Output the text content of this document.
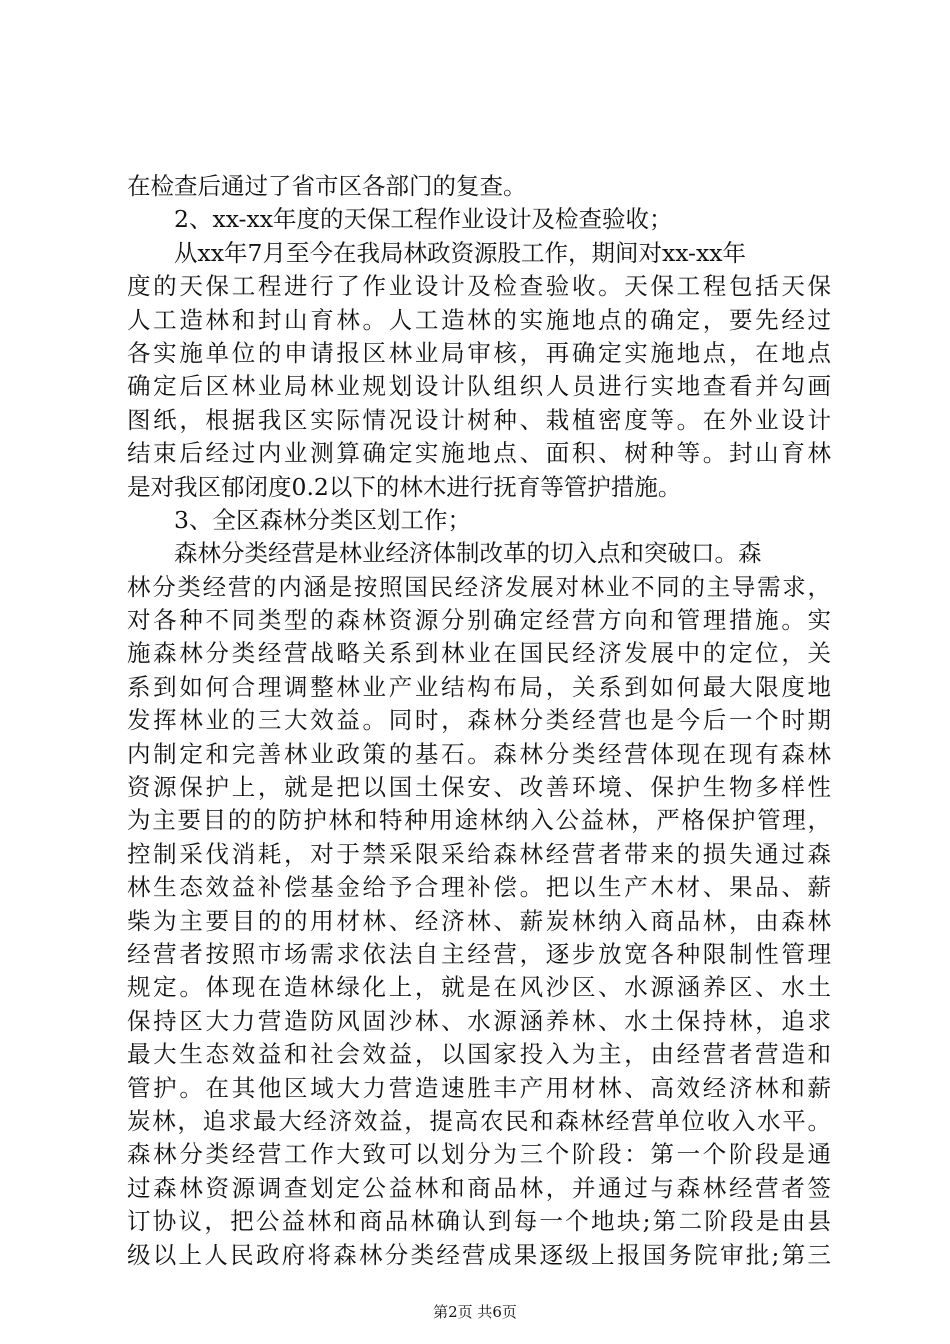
在检查后通过了省市区各部门的复查。
2、xx-xx年度的天保工程作业设计及检查验收；
从xx年7月至今在我局林政资源股工作，期间对xx-xx年
度的天保工程进行了作业设计及检查验收。天保工程包括天保
人工造林和封山育林。人工造林的实施地点的确定，要先经过
各实施单位的申请报区林业局审核，再确定实施地点，在地点
确定后区林业局林业规划设计队组织人员进行实地查看并勾画
图纸，根据我区实际情况设计树种、栽植密度等。在外业设计
结束后经过内业测算确定实施地点、面积、树种等。封山育林
是对我区郁闭度0.2以下的林木进行抚育等管护措施。
3、全区森林分类区划工作；
森林分类经营是林业经济体制改革的切入点和突破口。森
林分类经营的内涵是按照国民经济发展对林业不同的主导需求，
对各种不同类型的森林资源分别确定经营方向和管理措施。实
施森林分类经营战略关系到林业在国民经济发展中的定位，关
系到如何合理调整林业产业结构布局，关系到如何最大限度地
发挥林业的三大效益。同时，森林分类经营也是今后一个时期
内制定和完善林业政策的基石。森林分类经营体现在现有森林
资源保护上，就是把以国土保安、改善环境、保护生物多样性
为主要目的的防护林和特种用途林纳入公益林，严格保护管理，
控制采伐消耗，对于禁采限采给森林经营者带来的损失通过森
林生态效益补偿基金给予合理补偿。把以生产木材、果品、薪
柴为主要目的的用材林、经济林、薪炭林纳入商品林，由森林
经营者按照市场需求依法自主经营，逐步放宽各种限制性管理
规定。体现在造林绿化上，就是在风沙区、水源涵养区、水土
保持区大力营造防风固沙林、水源涵养林、水土保持林，追求
最大生态效益和社会效益，以国家投入为主，由经营者营造和
管护。在其他区域大力营造速胜丰产用材林、高效经济林和薪
炭林，追求最大经济效益，提高农民和森林经营单位收入水平。
森林分类经营工作大致可以划分为三个阶段：第一个阶段是通
过森林资源调查划定公益林和商品林，并通过与森林经营者签
订协议，把公益林和商品林确认到每一个地块;第二阶段是由县
级以上人民政府将森林分类经营成果逐级上报国务院审批;第三
第2页 共6页
